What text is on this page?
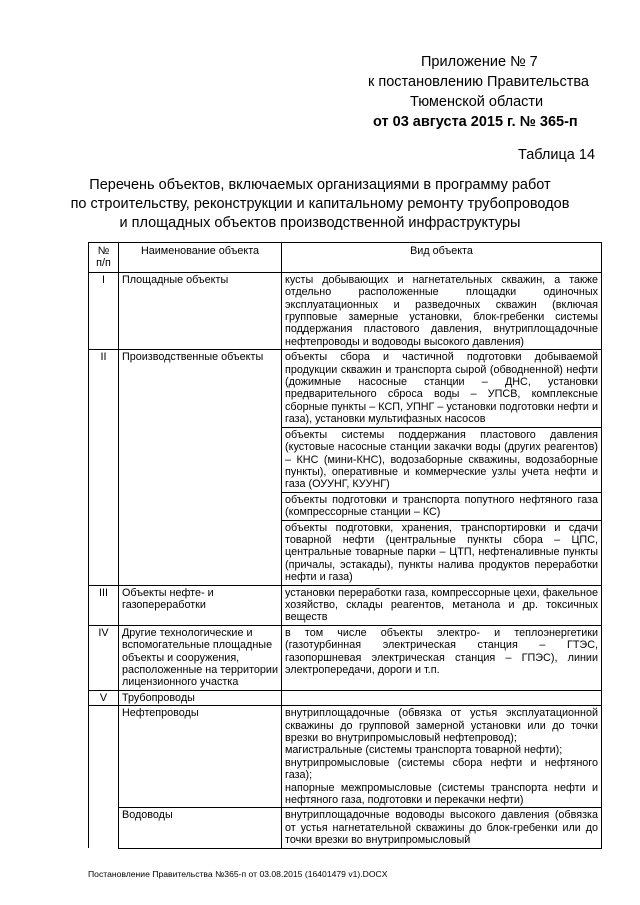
Приложение № 7
к постановлению Правительства
Тюменской области
от 03 августа 2015 г. № 365-п
Таблица 14
Перечень объектов, включаемых организациями в программу работ
по строительству, реконструкции и капитальному ремонту трубопроводов
и площадных объектов производственной инфраструктуры
№ п/п	Наименование объекта	Вид объекта
I	Площадные объекты	кусты добывающих и нагнетательных скважин, а также отдельно расположенные площадки одиночных эксплуатационных и разведочных скважин (включая групповые замерные установки, блок-гребенки системы поддержания пластового давления, внутриплощадочные нефтепроводы и водоводы высокого давления)
II	Производственные объекты	объекты сбора и частичной подготовки добываемой продукции скважин и транспорта сырой (обводненной) нефти (дожимные насосные станции – ДНС, установки предварительного сброса воды – УПСВ, комплексные сборные пункты – КСП, УПНГ – установки подготовки нефти и газа), установки мультифазных насосов
		объекты системы поддержания пластового давления (кустовые насосные станции закачки воды (других реагентов) – КНС (мини-КНС), водозаборные скважины, водозаборные пункты), оперативные и коммерческие узлы учета нефти и газа (ОУУНГ, КУУНГ)
		объекты подготовки и транспорта попутного нефтяного газа (компрессорные станции – КС)
		объекты подготовки, хранения, транспортировки и сдачи товарной нефти (центральные пункты сбора – ЦПС, центральные товарные парки – ЦТП, нефтеналивные пункты (причалы, эстакады), пункты налива продуктов переработки нефти и газа)
III	Объекты нефте- и газопереработки	установки переработки газа, компрессорные цехи, факельное хозяйство, склады реагентов, метанола и др. токсичных веществ
IV	Другие технологические и вспомогательные площадные объекты и сооружения, расположенные на территории лицензионного участка	в том числе объекты электро- и теплоэнергетики (газотурбинная электрическая станция – ГТЭС, газопоршневая электрическая станция – ГПЭС), линии электропередачи, дороги и т.п.
V	Трубопроводы	
	Нефтепроводы	внутриплощадочные (обвязка от устья эксплуатационной скважины до групповой замерной установки или до точки врезки во внутрипромысловый нефтепровод);
магистральные (системы транспорта товарной нефти);
внутрипромысловые (системы сбора нефти и нефтяного газа);
напорные межпромысловые (системы транспорта нефти и нефтяного газа, подготовки и перекачки нефти)

	Водоводы	внутриплощадочные водоводы высокого давления (обвязка от устья нагнетательной скважины до блок-гребенки или до точки врезки во внутрипромысловый
Постановление Правительства №365-п от 03.08.2015 (16401479 v1).DOCX
